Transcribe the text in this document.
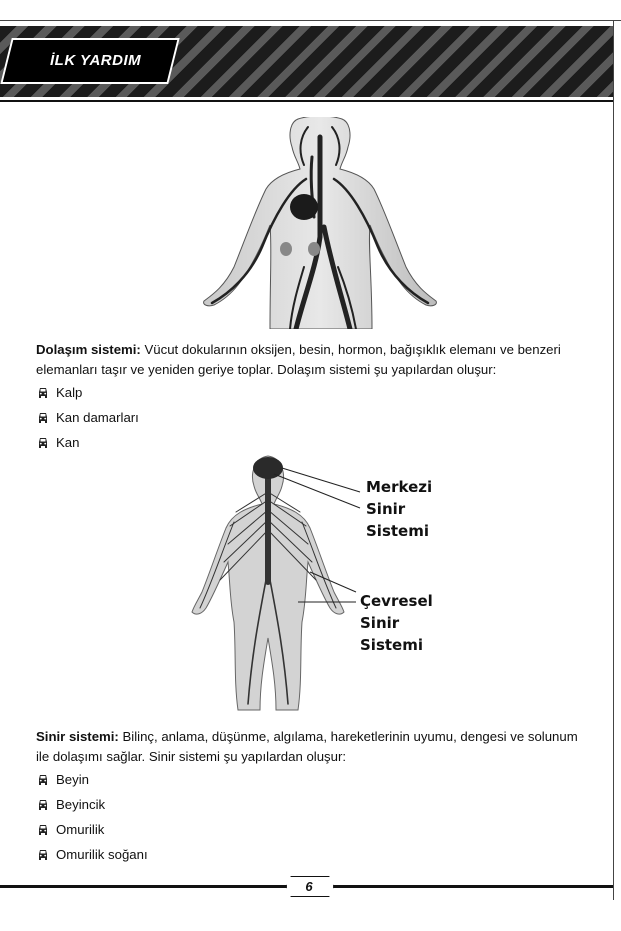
İLK YARDIM

Dolaşım sistemi: Vücut dokularının oksijen, besin, hormon, bağışıklık elemanı ve benzeri elemanları taşır ve yeniden geriye toplar. Dolaşım sistemi şu yapılardan oluşur:

Kalp
Kan damarları
Kan
Merkezi
Sinir
Sistemi
Çevresel
Sinir
Sistemi

Sinir sistemi: Bilinç, anlama, düşünme, algılama, hareketlerinin uyumu, dengesi ve solunum ile dolaşımı sağlar. Sinir sistemi şu yapılardan oluşur:

Beyin
Beyincik
Omurilik
Omurilik soğanı
6
